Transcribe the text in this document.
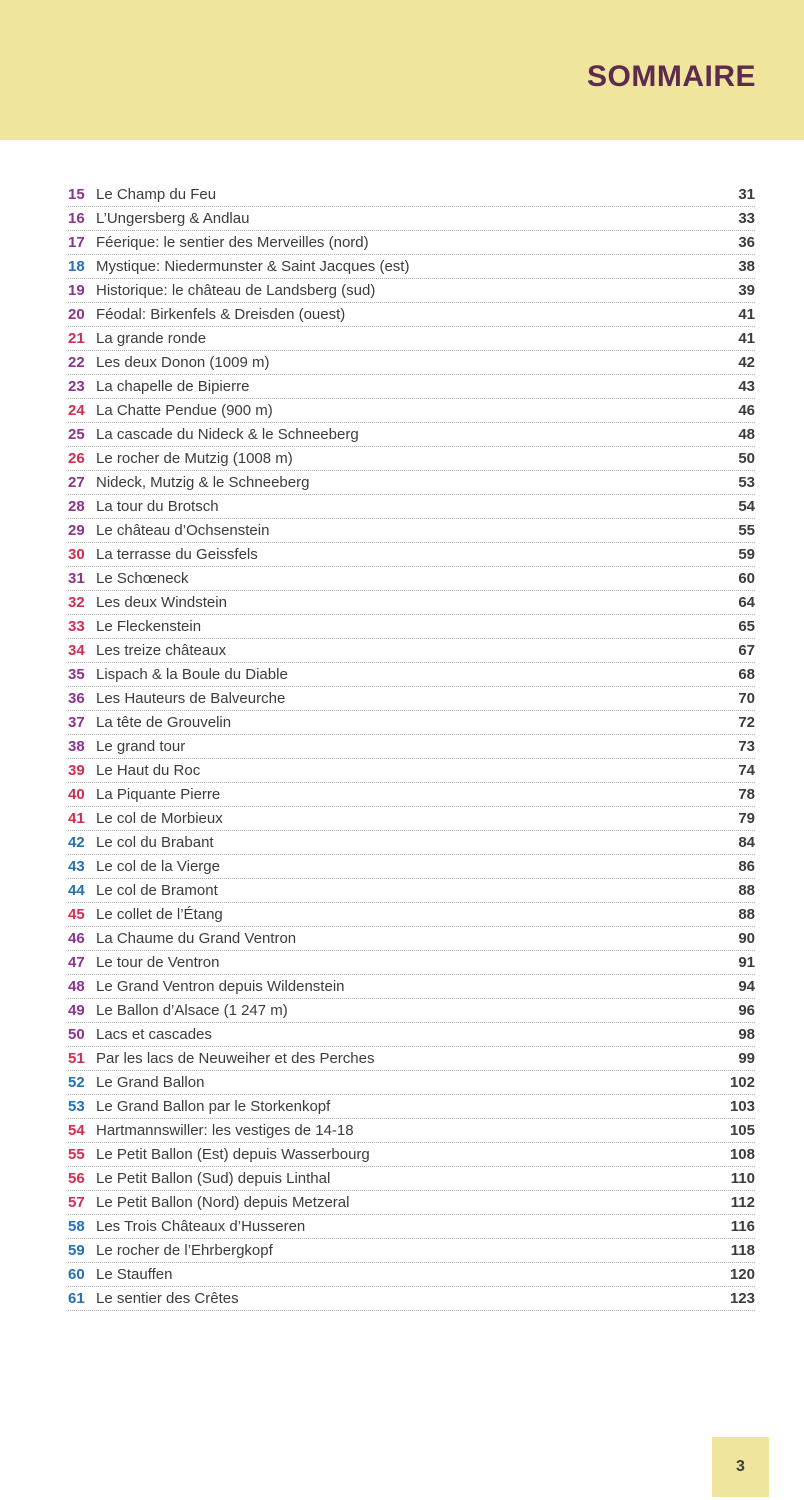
SOMMAIRE
15 Le Champ du Feu	31
16 L’Ungersberg & Andlau	33
17 Féerique: le sentier des Merveilles (nord)	36
18 Mystique: Niedermunster & Saint Jacques (est)	38
19 Historique: le château de Landsberg (sud)	39
20 Féodal: Birkenfels & Dreisden (ouest)	41
21 La grande ronde	41
22 Les deux Donon (1009 m)	42
23 La chapelle de Bipierre	43
24 La Chatte Pendue (900 m)	46
25 La cascade du Nideck & le Schneeberg	48
26 Le rocher de Mutzig (1008 m)	50
27 Nideck, Mutzig & le Schneeberg	53
28 La tour du Brotsch	54
29 Le château d’Ochsenstein	55
30 La terrasse du Geissfels	59
31 Le Schœneck	60
32 Les deux Windstein	64
33 Le Fleckenstein	65
34 Les treize châteaux	67
35 Lispach & la Boule du Diable	68
36 Les Hauteurs de Balveurche	70
37 La tête de Grouvelin	72
38 Le grand tour	73
39 Le Haut du Roc	74
40 La Piquante Pierre	78
41 Le col de Morbieux	79
42 Le col du Brabant	84
43 Le col de la Vierge	86
44 Le col de Bramont	88
45 Le collet de l’Étang	88
46 La Chaume du Grand Ventron	90
47 Le tour de Ventron	91
48 Le Grand Ventron depuis Wildenstein	94
49 Le Ballon d’Alsace (1 247 m)	96
50 Lacs et cascades	98
51 Par les lacs de Neuweiher et des Perches	99
52 Le Grand Ballon	102
53 Le Grand Ballon par le Storkenkopf	103
54 Hartmannswiller: les vestiges de 14-18	105
55 Le Petit Ballon (Est) depuis Wasserbourg	108
56 Le Petit Ballon (Sud) depuis Linthal	110
57 Le Petit Ballon (Nord) depuis Metzeral	112
58 Les Trois Châteaux d’Husseren	116
59 Le rocher de l’Ehrbergkopf	118
60 Le Stauffen	120
61 Le sentier des Crêtes	123
3
